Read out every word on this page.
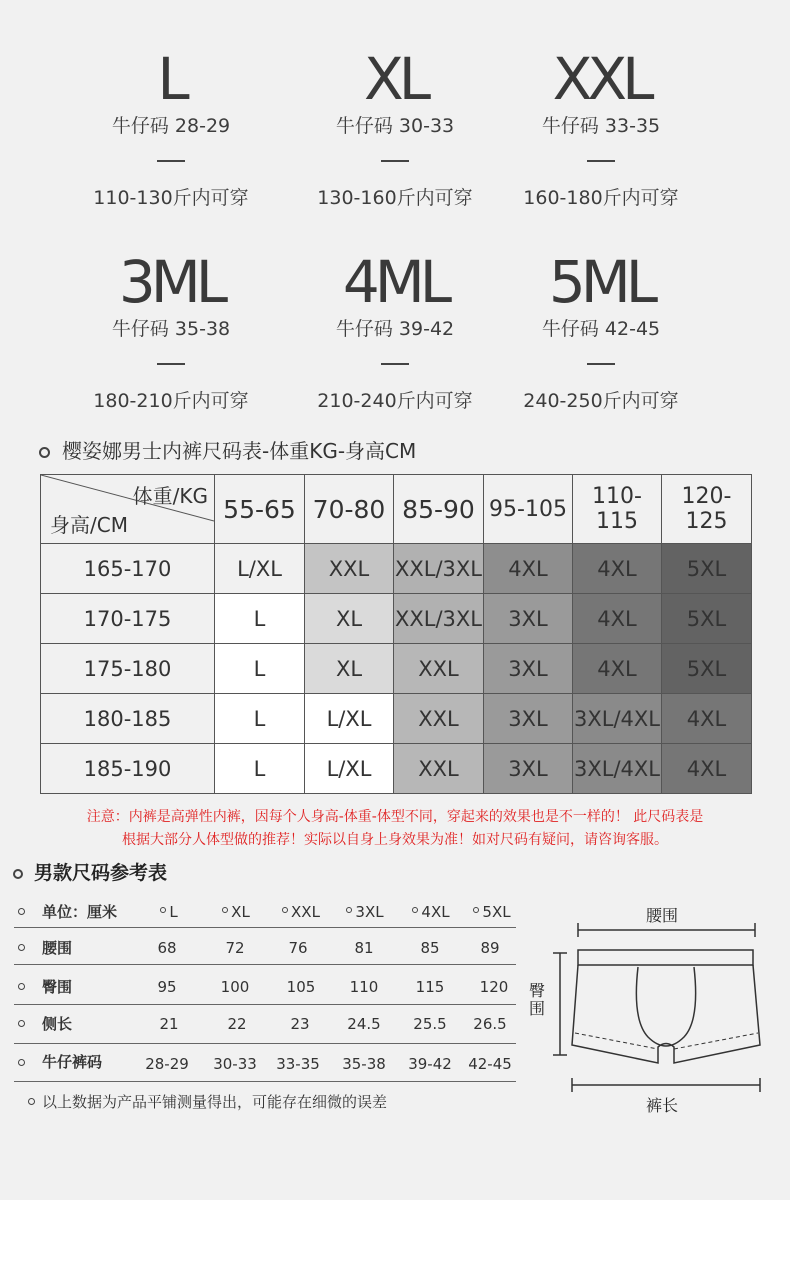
L
牛仔码 28-29
110-130斤内可穿
XL
牛仔码 30-33
130-160斤内可穿
XXL
牛仔码 33-35
160-180斤内可穿
3ML
牛仔码 35-38
180-210斤内可穿
4ML
牛仔码 39-42
210-240斤内可穿
5ML
牛仔码 42-45
240-250斤内可穿
樱姿娜男士内裤尺码表-体重KG-身高CM
体重/KG
身高/CM	55-65	70-80	85-90	95-105	110-115	120-125
165-170	L/XL	XXL	XXL/3XL	4XL	4XL	5XL
170-175	L	XL	XXL/3XL	3XL	4XL	5XL
175-180	L	XL	XXL	3XL	4XL	5XL
180-185	L	L/XL	XXL	3XL	3XL/4XL	4XL
185-190	L	L/XL	XXL	3XL	3XL/4XL	4XL
注意：内裤是高弹性内裤，因每个人身高-体重-体型不同，穿起来的效果也是不一样的！ 此尺码表是
根据大部分人体型做的推荐！实际以自身上身效果为准！如对尺码有疑问，请咨询客服。
男款尺码参考表
单位：厘米	L	XL	XXL	3XL	4XL	5XL
腰围	68	72	76	81	85	89
臀围	95	100	105	110	115	120
侧长	21	22	23	24.5	25.5	26.5
牛仔裤码	28-29	30-33	33-35	35-38	39-42	42-45
以上数据为产品平铺测量得出，可能存在细微的误差
腰围
臀
围
裤长
